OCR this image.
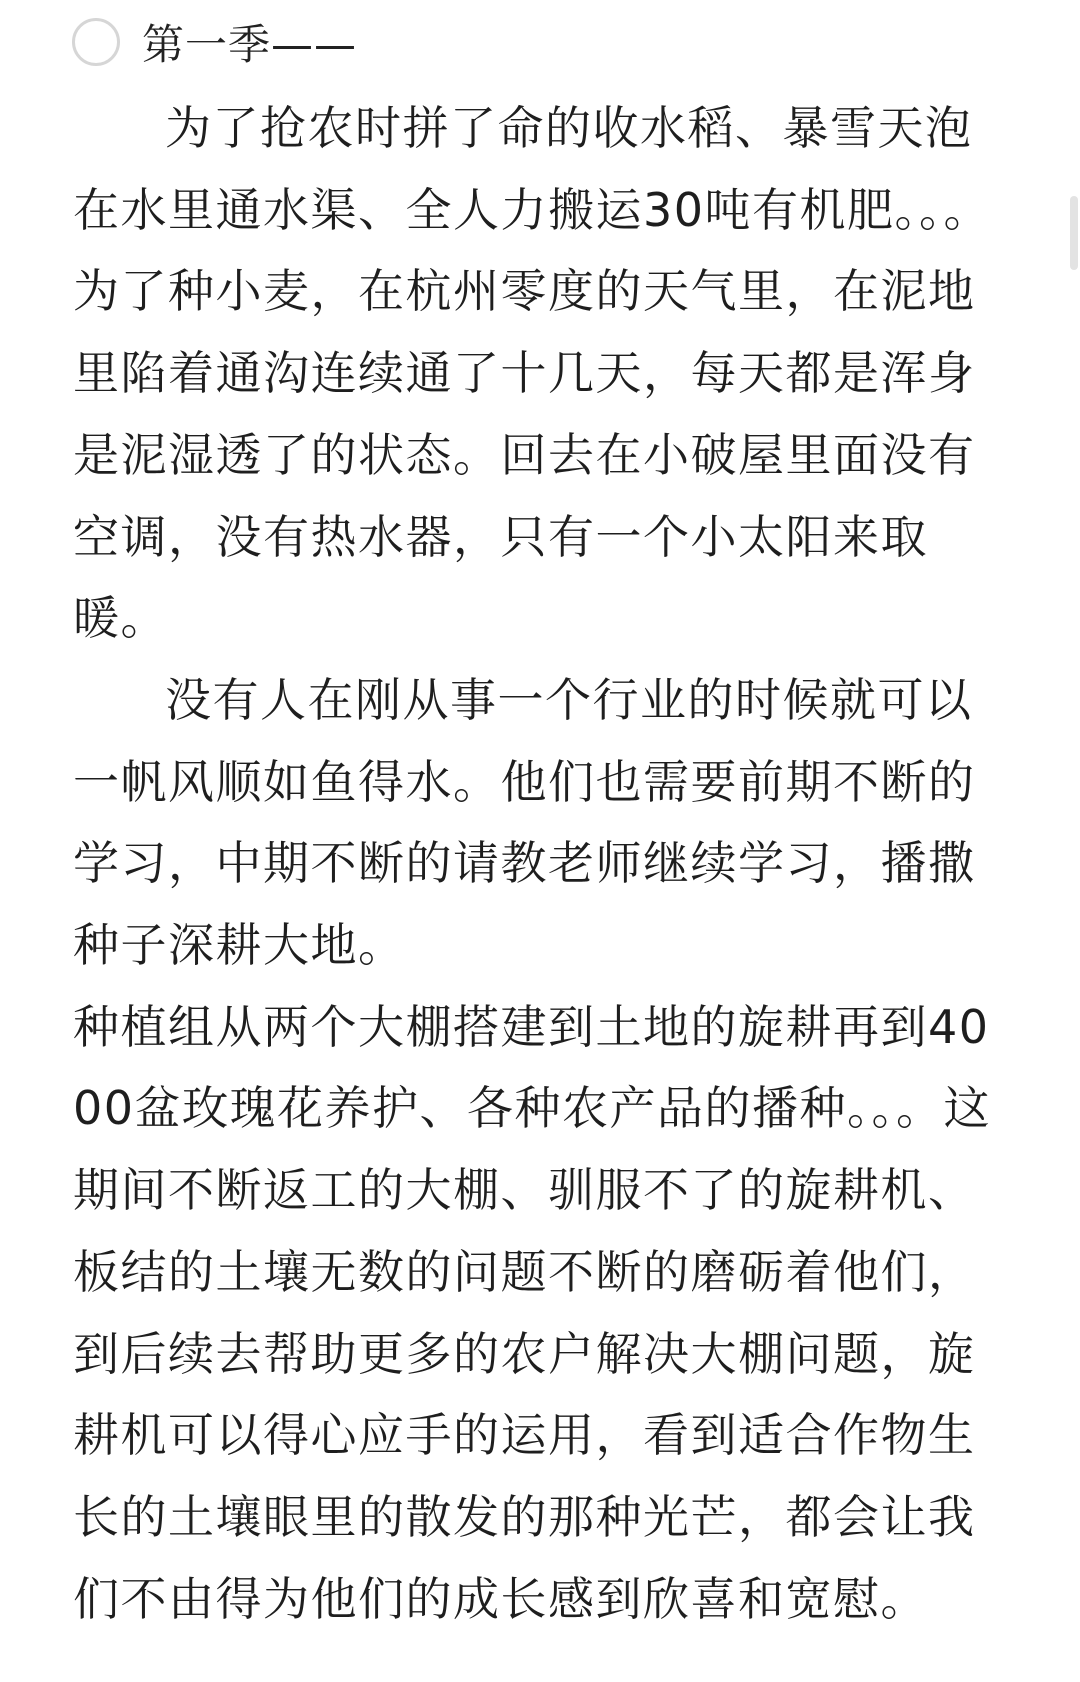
第一季——

为了抢农时拼了命的收水稻、暴雪天泡在水里通水渠、全人力搬运30吨有机肥。。。为了种小麦，在杭州零度的天气里，在泥地里陷着通沟连续通了十几天，每天都是浑身是泥湿透了的状态。回去在小破屋里面没有空调，没有热水器，只有一个小太阳来取暖。

没有人在刚从事一个行业的时候就可以一帆风顺如鱼得水。他们也需要前期不断的学习，中期不断的请教老师继续学习，播撒种子深耕大地。

种植组从两个大棚搭建到土地的旋耕再到4000盆玫瑰花养护、各种农产品的播种。。。这期间不断返工的大棚、驯服不了的旋耕机、板结的土壤无数的问题不断的磨砺着他们，到后续去帮助更多的农户解决大棚问题，旋耕机可以得心应手的运用，看到适合作物生长的土壤眼里的散发的那种光芒，都会让我们不由得为他们的成长感到欣喜和宽慰。
